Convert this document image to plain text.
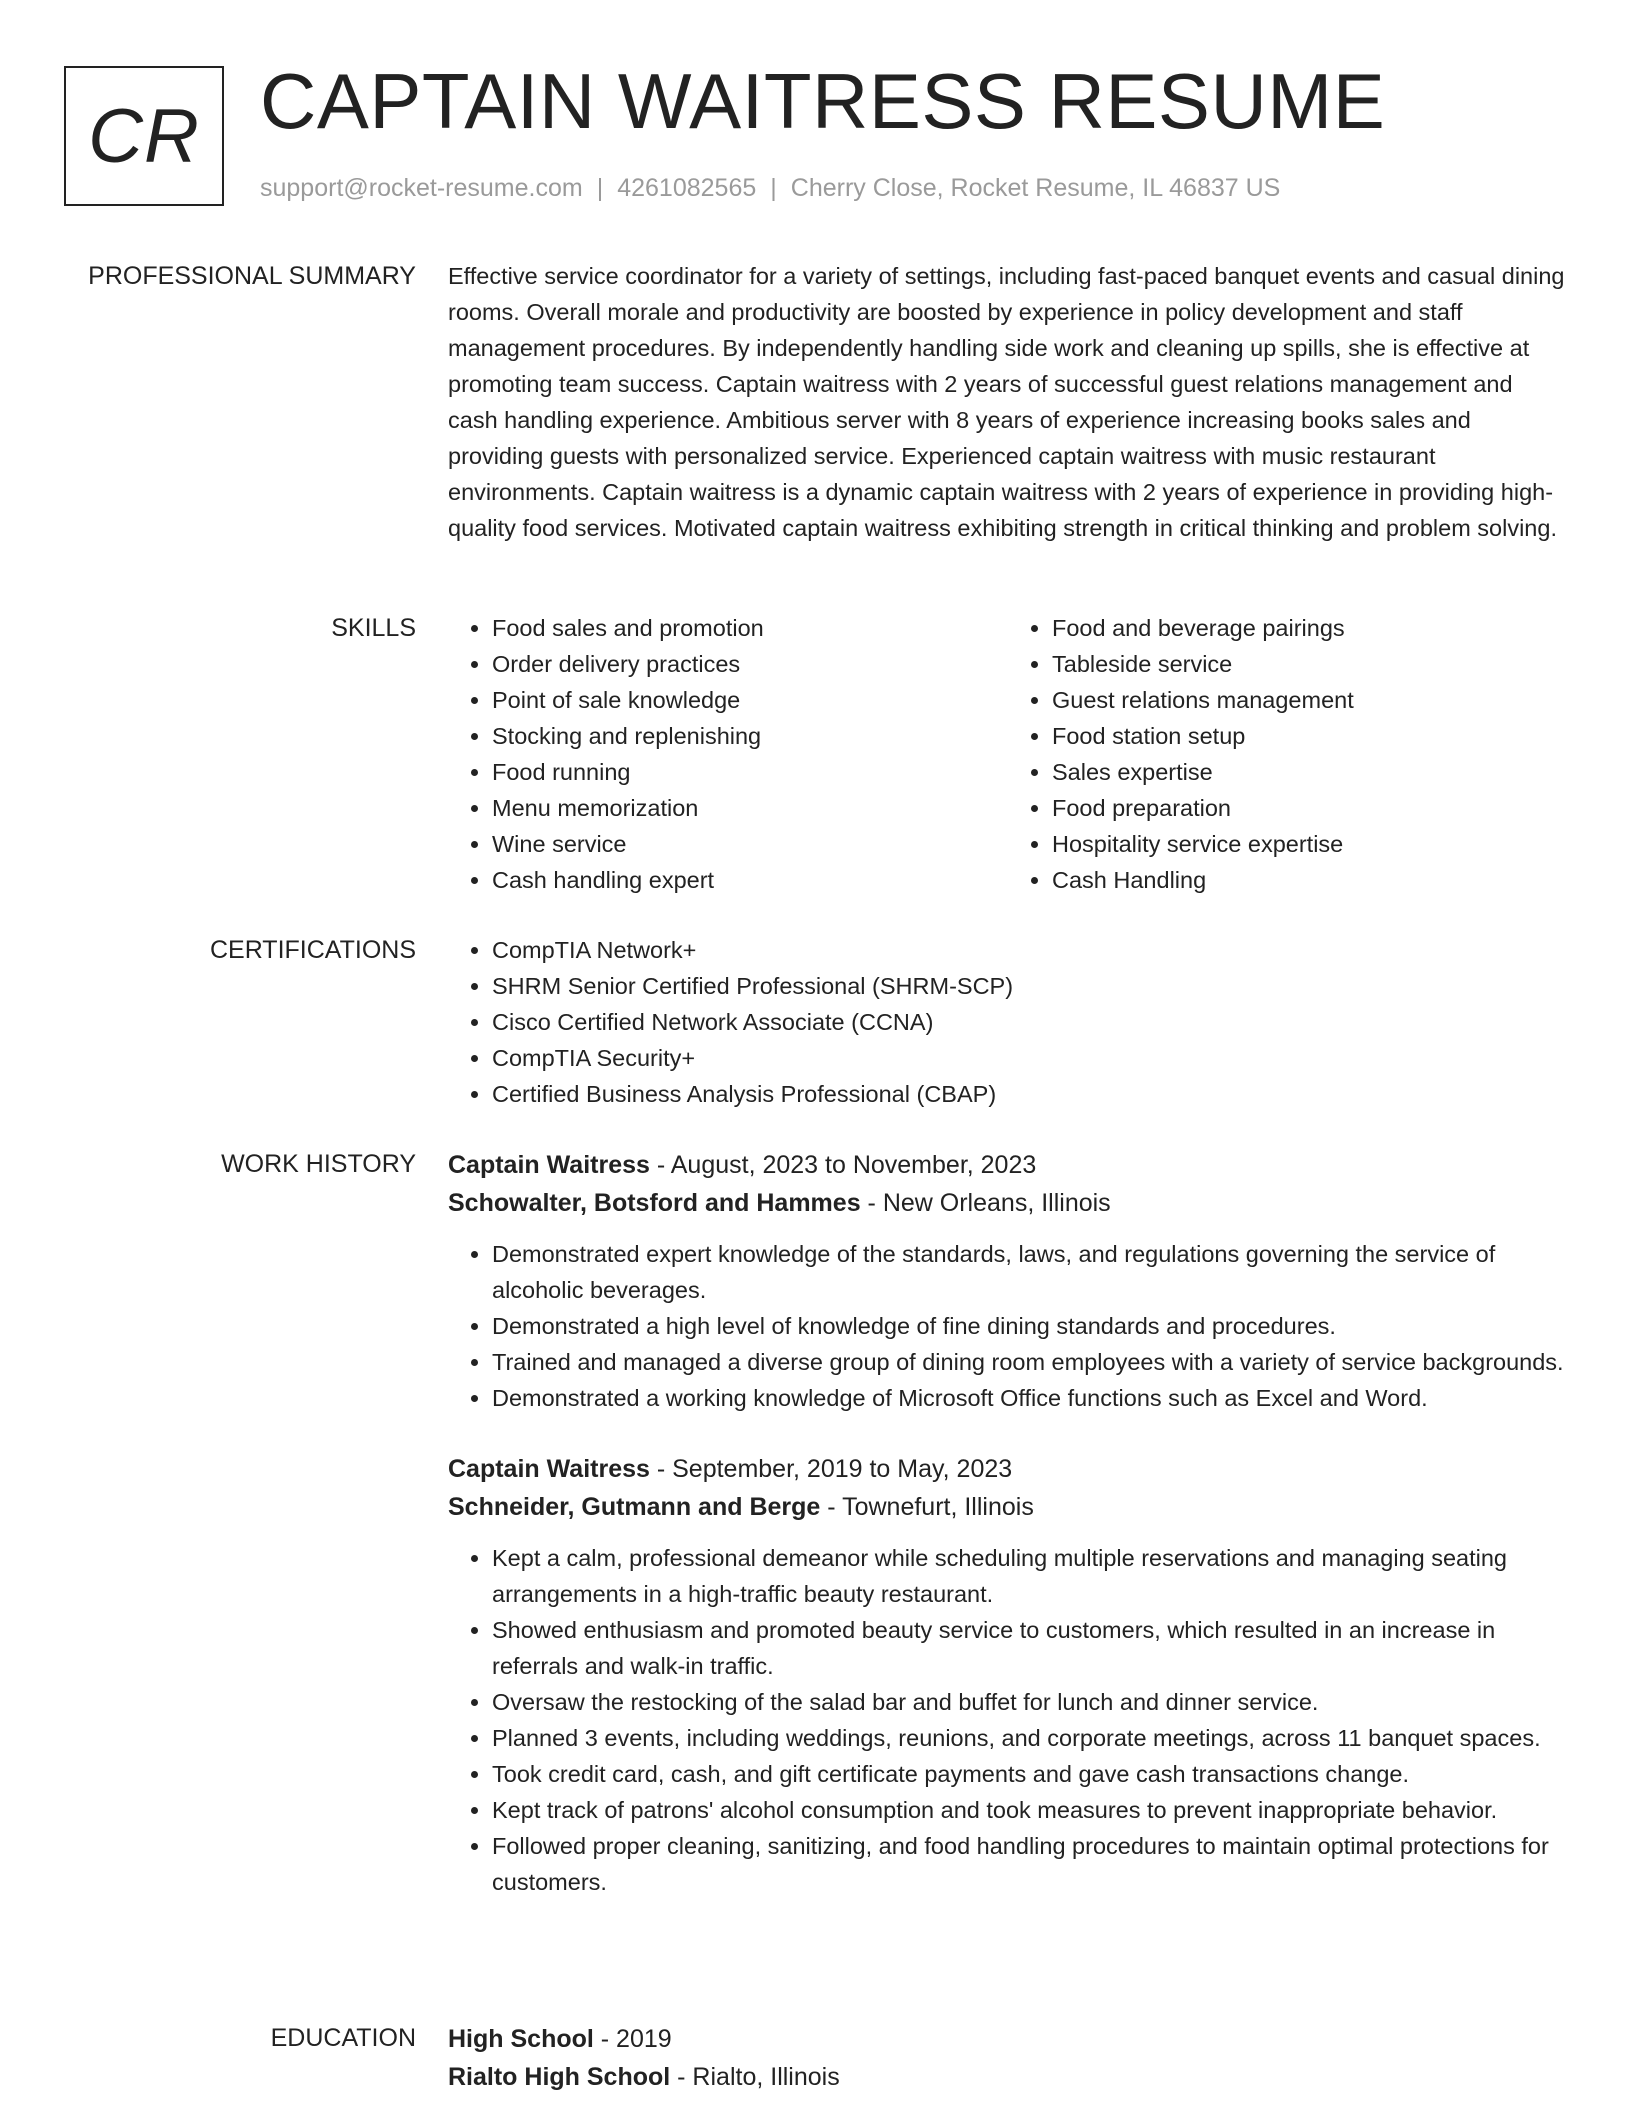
CR CAPTAIN WAITRESS RESUME
support@rocket-resume.com | 4261082565 | Cherry Close, Rocket Resume, IL 46837 US
PROFESSIONAL SUMMARY Effective service coordinator for a variety of settings, including fast-paced banquet events and casual dining rooms. Overall morale and productivity are boosted by experience in policy development and staff management procedures. By independently handling side work and cleaning up spills, she is effective at promoting team success. Captain waitress with 2 years of successful guest relations management and cash handling experience. Ambitious server with 8 years of experience increasing books sales and providing guests with personalized service. Experienced captain waitress with music restaurant environments. Captain waitress is a dynamic captain waitress with 2 years of experience in providing high-quality food services. Motivated captain waitress exhibiting strength in critical thinking and problem solving.

SKILLS	• Food sales and promotion
• Order delivery practices
• Point of sale knowledge
• Stocking and replenishing
• Food running
• Menu memorization
• Wine service
• Cash handling expert
• Food and beverage pairings
• Tableside service
• Guest relations management
• Food station setup
• Sales expertise
• Food preparation
• Hospitality service expertise
• Cash Handling
CERTIFICATIONS	• CompTIA Network+
• SHRM Senior Certified Professional (SHRM-SCP)
• Cisco Certified Network Associate (CCNA)
• CompTIA Security+
• Certified Business Analysis Professional (CBAP)
WORK HISTORY Captain Waitress - August, 2023 to November, 2023
Schowalter, Botsford and Hammes - New Orleans, Illinois
• Demonstrated expert knowledge of the standards, laws, and regulations governing the service of alcoholic beverages.
• Demonstrated a high level of knowledge of fine dining standards and procedures.
• Trained and managed a diverse group of dining room employees with a variety of service backgrounds.
• Demonstrated a working knowledge of Microsoft Office functions such as Excel and Word.
Captain Waitress - September, 2019 to May, 2023
Schneider, Gutmann and Berge - Townefurt, Illinois
• Kept a calm, professional demeanor while scheduling multiple reservations and managing seating arrangements in a high-traffic beauty restaurant.
• Showed enthusiasm and promoted beauty service to customers, which resulted in an increase in referrals and walk-in traffic.
• Oversaw the restocking of the salad bar and buffet for lunch and dinner service.
• Planned 3 events, including weddings, reunions, and corporate meetings, across 11 banquet spaces.
• Took credit card, cash, and gift certificate payments and gave cash transactions change.
• Kept track of patrons' alcohol consumption and took measures to prevent inappropriate behavior.
• Followed proper cleaning, sanitizing, and food handling procedures to maintain optimal protections for customers.
EDUCATION High School - 2019
Rialto High School - Rialto, Illinois
